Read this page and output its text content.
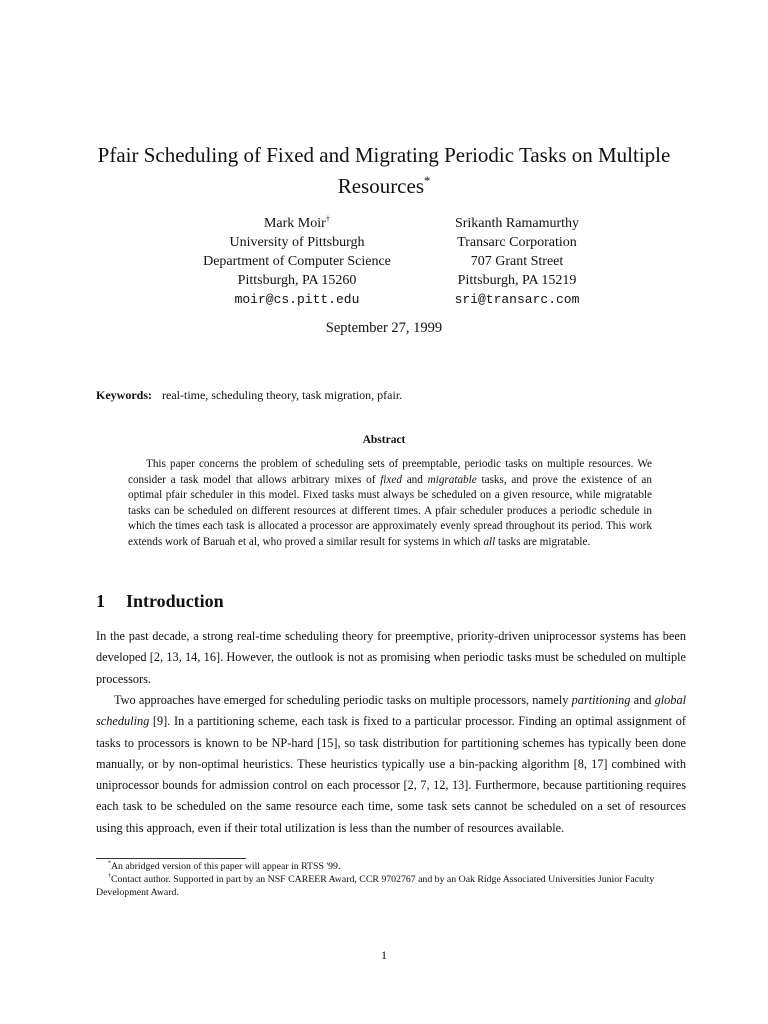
Pfair Scheduling of Fixed and Migrating Periodic Tasks on Multiple
Resources*
Mark Moir†
University of Pittsburgh
Department of Computer Science
Pittsburgh, PA 15260
moir@cs.pitt.edu
Srikanth Ramamurthy
Transarc Corporation
707 Grant Street
Pittsburgh, PA 15219
sri@transarc.com
September 27, 1999
Keywords: real-time, scheduling theory, task migration, pfair.
Abstract
This paper concerns the problem of scheduling sets of preemptable, periodic tasks on multiple resources. We consider a task model that allows arbitrary mixes of fixed and migratable tasks, and prove the existence of an optimal pfair scheduler in this model. Fixed tasks must always be scheduled on a given resource, while migratable tasks can be scheduled on different resources at different times. A pfair scheduler produces a periodic schedule in which the times each task is allocated a processor are approximately evenly spread throughout its period. This work extends work of Baruah et al, who proved a similar result for systems in which all tasks are migratable.
1 Introduction
In the past decade, a strong real-time scheduling theory for preemptive, priority-driven uniprocessor systems has been developed [2, 13, 14, 16]. However, the outlook is not as promising when periodic tasks must be scheduled on multiple processors.
Two approaches have emerged for scheduling periodic tasks on multiple processors, namely partitioning and global scheduling [9]. In a partitioning scheme, each task is fixed to a particular processor. Finding an optimal assignment of tasks to processors is known to be NP-hard [15], so task distribution for partitioning schemes has typically been done manually, or by non-optimal heuristics. These heuristics typically use a bin-packing algorithm [8, 17] combined with uniprocessor bounds for admission control on each processor [2, 7, 12, 13]. Furthermore, because partitioning requires each task to be scheduled on the same resource each time, some task sets cannot be scheduled on a set of resources using this approach, even if their total utilization is less than the number of resources available.
*An abridged version of this paper will appear in RTSS '99.
†Contact author. Supported in part by an NSF CAREER Award, CCR 9702767 and by an Oak Ridge Associated Universities Junior Faculty Development Award.
1
